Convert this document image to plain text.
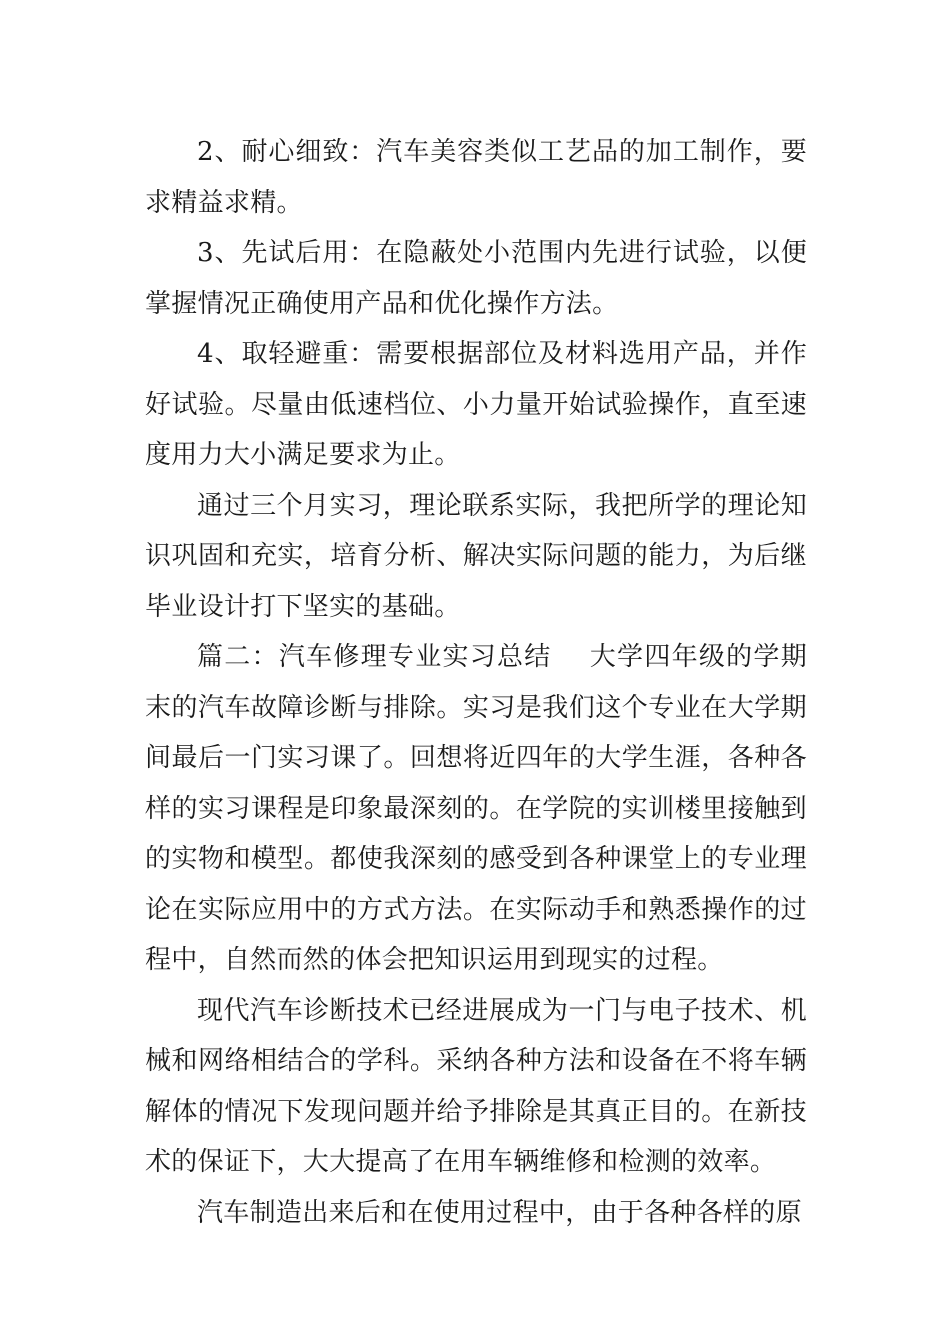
2、耐心细致：汽车美容类似工艺品的加工制作，要求精益求精。

3、先试后用：在隐蔽处小范围内先进行试验，以便掌握情况正确使用产品和优化操作方法。

4、取轻避重：需要根据部位及材料选用产品，并作好试验。尽量由低速档位、小力量开始试验操作，直至速度用力大小满足要求为止。

通过三个月实习，理论联系实际，我把所学的理论知识巩固和充实，培育分析、解决实际问题的能力，为后继毕业设计打下坚实的基础。

篇二：汽车修理专业实习总结 大学四年级的学期末的汽车故障诊断与排除。实习是我们这个专业在大学期间最后一门实习课了。回想将近四年的大学生涯，各种各样的实习课程是印象最深刻的。在学院的实训楼里接触到的实物和模型。都使我深刻的感受到各种课堂上的专业理论在实际应用中的方式方法。在实际动手和熟悉操作的过程中，自然而然的体会把知识运用到现实的过程。

现代汽车诊断技术已经进展成为一门与电子技术、机械和网络相结合的学科。采纳各种方法和设备在不将车辆解体的情况下发现问题并给予排除是其真正目的。在新技术的保证下，大大提高了在用车辆维修和检测的效率。

汽车制造出来后和在使用过程中，由于各种各样的原
